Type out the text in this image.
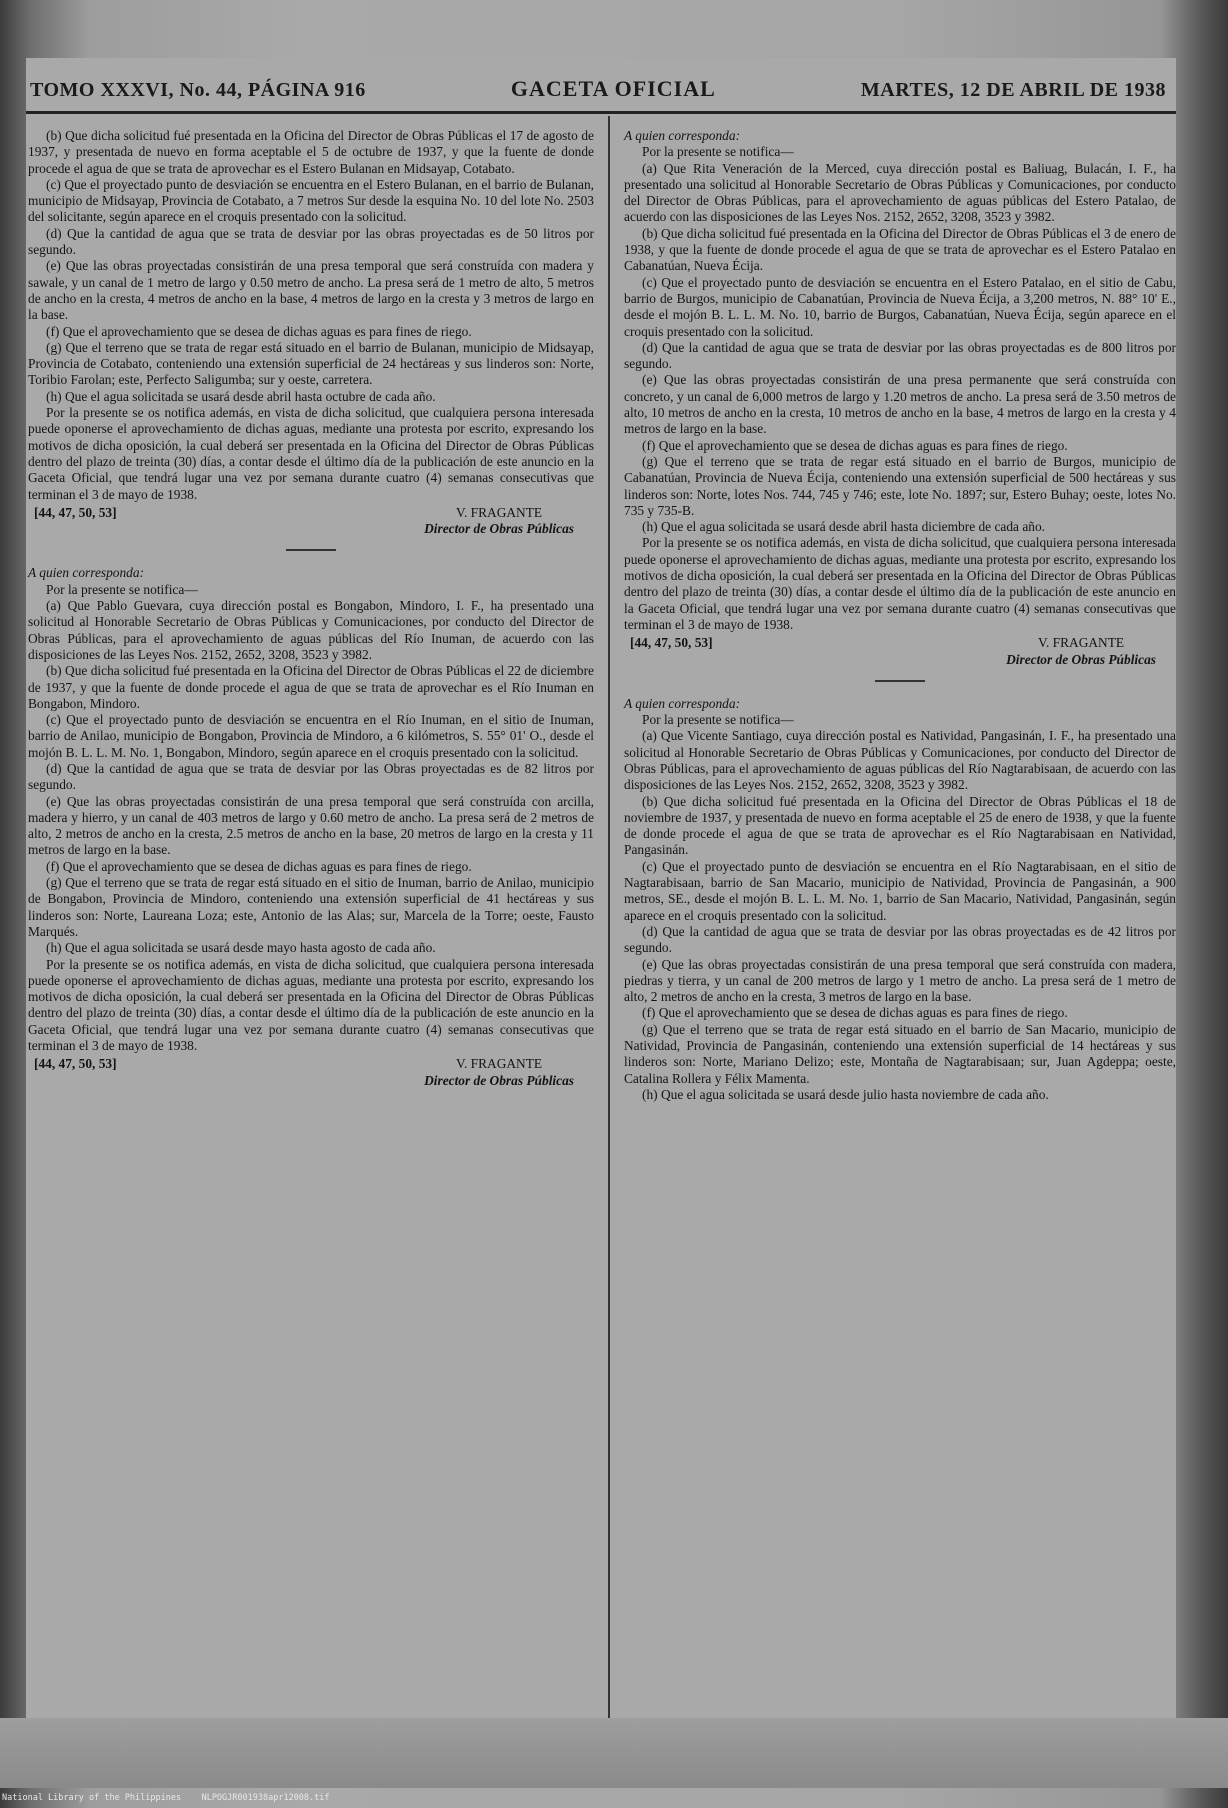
TOMO XXXVI, No. 44, PÁGINA 916	GACETA OFICIAL	MARTES, 12 DE ABRIL DE 1938

(b) Que dicha solicitud fué presentada en la Oficina del Director de Obras Públicas el 17 de agosto de 1937, y presentada de nuevo en forma aceptable el 5 de octubre de 1937, y que la fuente de donde procede el agua de que se trata de aprovechar es el Estero Bulanan en Midsayap, Cotabato.

(c) Que el proyectado punto de desviación se encuentra en el Estero Bulanan, en el barrio de Bulanan, municipio de Midsayap, Provincia de Cotabato, a 7 metros Sur desde la esquina No. 10 del lote No. 2503 del solicitante, según aparece en el croquis presentado con la solicitud.

(d) Que la cantidad de agua que se trata de desviar por las obras proyectadas es de 50 litros por segundo.

(e) Que las obras proyectadas consistirán de una presa temporal que será construída con madera y sawale, y un canal de 1 metro de largo y 0.50 metro de ancho. La presa será de 1 metro de alto, 5 metros de ancho en la cresta, 4 metros de ancho en la base, 4 metros de largo en la cresta y 3 metros de largo en la base.

(f) Que el aprovechamiento que se desea de dichas aguas es para fines de riego.

(g) Que el terreno que se trata de regar está situado en el barrio de Bulanan, municipio de Midsayap, Provincia de Cotabato, conteniendo una extensión superficial de 24 hectáreas y sus linderos son: Norte, Toribio Farolan; este, Perfecto Saligumba; sur y oeste, carretera.

(h) Que el agua solicitada se usará desde abril hasta octubre de cada año.

Por la presente se os notifica además, en vista de dicha solicitud, que cualquiera persona interesada puede oponerse el aprovechamiento de dichas aguas, mediante una protesta por escrito, expresando los motivos de dicha oposición, la cual deberá ser presentada en la Oficina del Director de Obras Públicas dentro del plazo de treinta (30) días, a contar desde el último día de la publicación de este anuncio en la Gaceta Oficial, que tendrá lugar una vez por semana durante cuatro (4) semanas consecutivas que terminan el 3 de mayo de 1938.

[44, 47, 50, 53]	V. FRAGANTE
Director de Obras Públicas

A quien corresponda:

Por la presente se notifica—

(a) Que Pablo Guevara, cuya dirección postal es Bongabon, Mindoro, I. F., ha presentado una solicitud al Honorable Secretario de Obras Públicas y Comunicaciones, por conducto del Director de Obras Públicas, para el aprovechamiento de aguas públicas del Río Inuman, de acuerdo con las disposiciones de las Leyes Nos. 2152, 2652, 3208, 3523 y 3982.

(b) Que dicha solicitud fué presentada en la Oficina del Director de Obras Públicas el 22 de diciembre de 1937, y que la fuente de donde procede el agua de que se trata de aprovechar es el Río Inuman en Bongabon, Mindoro.

(c) Que el proyectado punto de desviación se encuentra en el Río Inuman, en el sitio de Inuman, barrio de Anilao, municipio de Bongabon, Provincia de Mindoro, a 6 kilómetros, S. 55° 01' O., desde el mojón B. L. L. M. No. 1, Bongabon, Mindoro, según aparece en el croquis presentado con la solicitud.

(d) Que la cantidad de agua que se trata de desviar por las Obras proyectadas es de 82 litros por segundo.

(e) Que las obras proyectadas consistirán de una presa temporal que será construída con arcilla, madera y hierro, y un canal de 403 metros de largo y 0.60 metro de ancho. La presa será de 2 metros de alto, 2 metros de ancho en la cresta, 2.5 metros de ancho en la base, 20 metros de largo en la cresta y 11 metros de largo en la base.

(f) Que el aprovechamiento que se desea de dichas aguas es para fines de riego.

(g) Que el terreno que se trata de regar está situado en el sitio de Inuman, barrio de Anilao, municipio de Bongabon, Provincia de Mindoro, conteniendo una extensión superficial de 41 hectáreas y sus linderos son: Norte, Laureana Loza; este, Antonio de las Alas; sur, Marcela de la Torre; oeste, Fausto Marqués.

(h) Que el agua solicitada se usará desde mayo hasta agosto de cada año.

Por la presente se os notifica además, en vista de dicha solicitud, que cualquiera persona interesada puede oponerse el aprovechamiento de dichas aguas, mediante una protesta por escrito, expresando los motivos de dicha oposición, la cual deberá ser presentada en la Oficina del Director de Obras Públicas dentro del plazo de treinta (30) días, a contar desde el último día de la publicación de este anuncio en la Gaceta Oficial, que tendrá lugar una vez por semana durante cuatro (4) semanas consecutivas que terminan el 3 de mayo de 1938.

[44, 47, 50, 53]	V. FRAGANTE
Director de Obras Públicas

A quien corresponda:

Por la presente se notifica—

(a) Que Rita Veneración de la Merced, cuya dirección postal es Baliuag, Bulacán, I. F., ha presentado una solicitud al Honorable Secretario de Obras Públicas y Comunicaciones, por conducto del Director de Obras Públicas, para el aprovechamiento de aguas públicas del Estero Patalao, de acuerdo con las disposiciones de las Leyes Nos. 2152, 2652, 3208, 3523 y 3982.

(b) Que dicha solicitud fué presentada en la Oficina del Director de Obras Públicas el 3 de enero de 1938, y que la fuente de donde procede el agua de que se trata de aprovechar es el Estero Patalao en Cabanatúan, Nueva Écija.

(c) Que el proyectado punto de desviación se encuentra en el Estero Patalao, en el sitio de Cabu, barrio de Burgos, municipio de Cabanatúan, Provincia de Nueva Écija, a 3,200 metros, N. 88° 10' E., desde el mojón B. L. L. M. No. 10, barrio de Burgos, Cabanatúan, Nueva Écija, según aparece en el croquis presentado con la solicitud.

(d) Que la cantidad de agua que se trata de desviar por las obras proyectadas es de 800 litros por segundo.

(e) Que las obras proyectadas consistirán de una presa permanente que será construída con concreto, y un canal de 6,000 metros de largo y 1.20 metros de ancho. La presa será de 3.50 metros de alto, 10 metros de ancho en la cresta, 10 metros de ancho en la base, 4 metros de largo en la cresta y 4 metros de largo en la base.

(f) Que el aprovechamiento que se desea de dichas aguas es para fines de riego.

(g) Que el terreno que se trata de regar está situado en el barrio de Burgos, municipio de Cabanatúan, Provincia de Nueva Écija, conteniendo una extensión superficial de 500 hectáreas y sus linderos son: Norte, lotes Nos. 744, 745 y 746; este, lote No. 1897; sur, Estero Buhay; oeste, lotes No. 735 y 735-B.

(h) Que el agua solicitada se usará desde abril hasta diciembre de cada año.

Por la presente se os notifica además, en vista de dicha solicitud, que cualquiera persona interesada puede oponerse el aprovechamiento de dichas aguas, mediante una protesta por escrito, expresando los motivos de dicha oposición, la cual deberá ser presentada en la Oficina del Director de Obras Públicas dentro del plazo de treinta (30) días, a contar desde el último día de la publicación de este anuncio en la Gaceta Oficial, que tendrá lugar una vez por semana durante cuatro (4) semanas consecutivas que terminan el 3 de mayo de 1938.

[44, 47, 50, 53]	V. FRAGANTE
Director de Obras Públicas

A quien corresponda:

Por la presente se notifica—

(a) Que Vicente Santiago, cuya dirección postal es Natividad, Pangasinán, I. F., ha presentado una solicitud al Honorable Secretario de Obras Públicas y Comunicaciones, por conducto del Director de Obras Públicas, para el aprovechamiento de aguas públicas del Río Nagtarabisaan, de acuerdo con las disposiciones de las Leyes Nos. 2152, 2652, 3208, 3523 y 3982.

(b) Que dicha solicitud fué presentada en la Oficina del Director de Obras Públicas el 18 de noviembre de 1937, y presentada de nuevo en forma aceptable el 25 de enero de 1938, y que la fuente de donde procede el agua de que se trata de aprovechar es el Río Nagtarabisaan en Natividad, Pangasinán.

(c) Que el proyectado punto de desviación se encuentra en el Río Nagtarabisaan, en el sitio de Nagtarabisaan, barrio de San Macario, municipio de Natividad, Provincia de Pangasinán, a 900 metros, SE., desde el mojón B. L. L. M. No. 1, barrio de San Macario, Natividad, Pangasinán, según aparece en el croquis presentado con la solicitud.

(d) Que la cantidad de agua que se trata de desviar por las obras proyectadas es de 42 litros por segundo.

(e) Que las obras proyectadas consistirán de una presa temporal que será construída con madera, piedras y tierra, y un canal de 200 metros de largo y 1 metro de ancho. La presa será de 1 metro de alto, 2 metros de ancho en la cresta, 3 metros de largo en la base.

(f) Que el aprovechamiento que se desea de dichas aguas es para fines de riego.

(g) Que el terreno que se trata de regar está situado en el barrio de San Macario, municipio de Natividad, Provincia de Pangasinán, conteniendo una extensión superficial de 14 hectáreas y sus linderos son: Norte, Mariano Delizo; este, Montaña de Nagtarabisaan; sur, Juan Agdeppa; oeste, Catalina Rollera y Félix Mamenta.

(h) Que el agua solicitada se usará desde julio hasta noviembre de cada año.

National Library of the Philippines    NLPOGJR001938apr12008.tif
